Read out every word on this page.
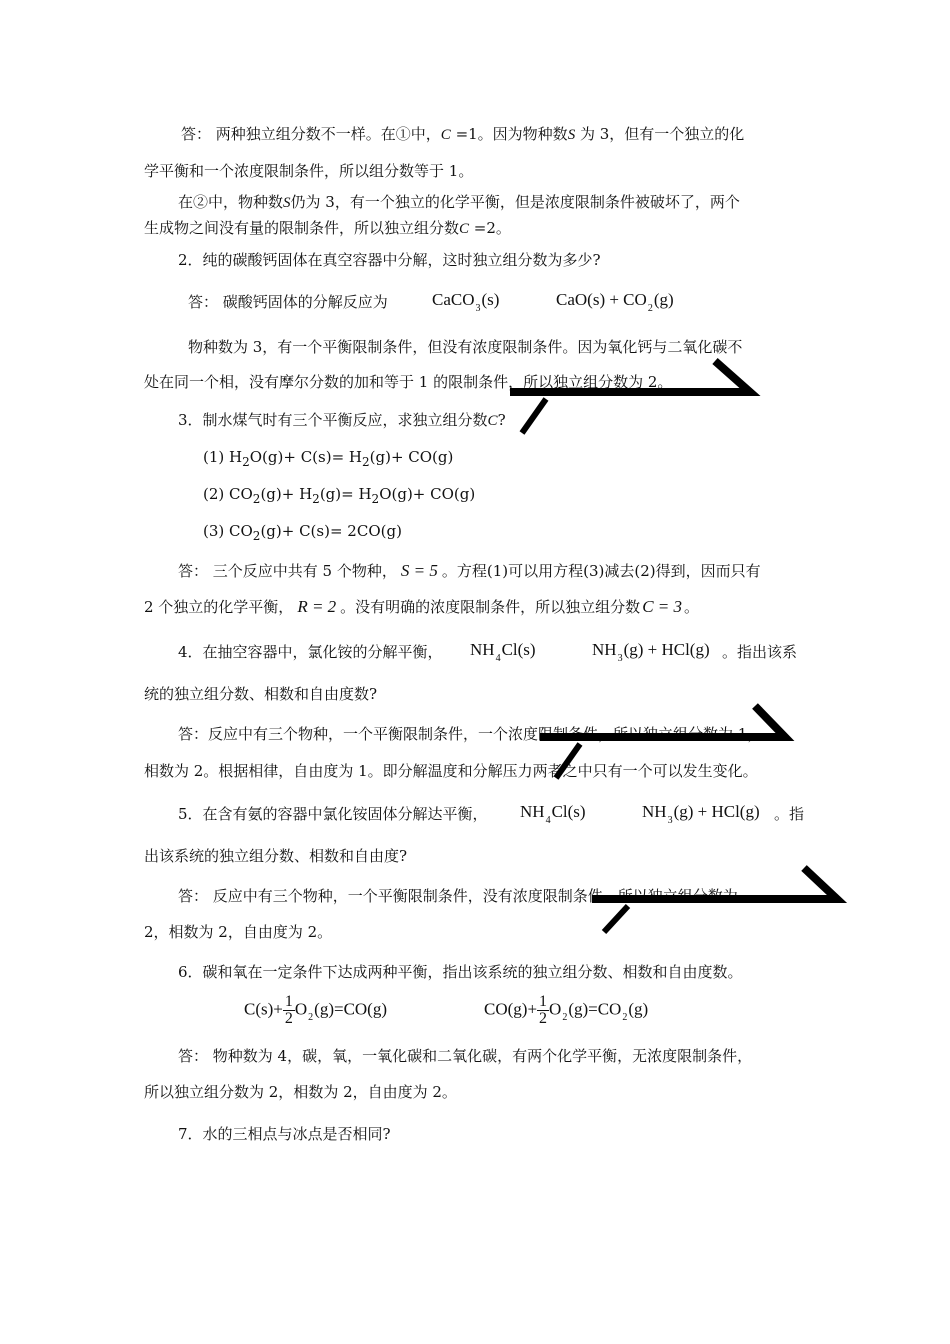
答： 两种独立组分数不一样。在①中，C =1。因为物种数S 为 3，但有一个独立的化
学平衡和一个浓度限制条件，所以组分数等于 1。
在②中，物种数S仍为 3，有一个独立的化学平衡，但是浓度限制条件被破坏了，两个
生成物之间没有量的限制条件，所以独立组分数C =2。
2．纯的碳酸钙固体在真空容器中分解，这时独立组分数为多少?
答： 碳酸钙固体的分解反应为	CaCO$_3$(s)	$CaO(s) + CO_2(g)$
物种数为 3，有一个平衡限制条件，但没有浓度限制条件。因为氧化钙与二氧化碳不
处在同一个相，没有摩尔分数的加和等于 1 的限制条件，所以独立组分数为 2。
3．制水煤气时有三个平衡反应，求独立组分数C?
(1) $H_2O(g)+ C(s)= H_2(g)+ CO(g)$
(2) $CO_2(g)+ H_2(g)= H_2O(g)+ CO(g)$
(3) $CO_2(g)+ C(s)= 2CO(g)$
答： 三个反应中共有 5 个物种， S = 5 。方程(1)可以用方程(3)减去(2)得到，因而只有
2 个独立的化学平衡， R = 2 。没有明确的浓度限制条件，所以独立组分数 C = 3 。
4．在抽空容器中，氯化铵的分解平衡， $NH_4Cl(s)$	$NH_3(g) + HCl(g)$ 。指出该系
统的独立组分数、相数和自由度数?
答：反应中有三个物种，一个平衡限制条件，一个浓度限制条件，所以独立组分数为 1，
相数为 2。根据相律，自由度为 1。即分解温度和分解压力两者之中只有一个可以发生变化。
5．在含有氨的容器中氯化铵固体分解达平衡， $NH_4Cl(s)$	$NH_3(g) + HCl(g)$ 。指
出该系统的独立组分数、相数和自由度?
答： 反应中有三个物种，一个平衡限制条件，没有浓度限制条件。所以独立组分数为
2，相数为 2，自由度为 2。
6．碳和氧在一定条件下达成两种平衡，指出该系统的独立组分数、相数和自由度数。
$C(s)+ \frac{1}{2} O_2(g)=CO(g)$	$CO(g)+ \frac{1}{2} O_2(g)=CO_2(g)$
答： 物种数为 4，碳，氧，一氧化碳和二氧化碳，有两个化学平衡，无浓度限制条件，
所以独立组分数为 2，相数为 2，自由度为 2。
7．水的三相点与冰点是否相同?
